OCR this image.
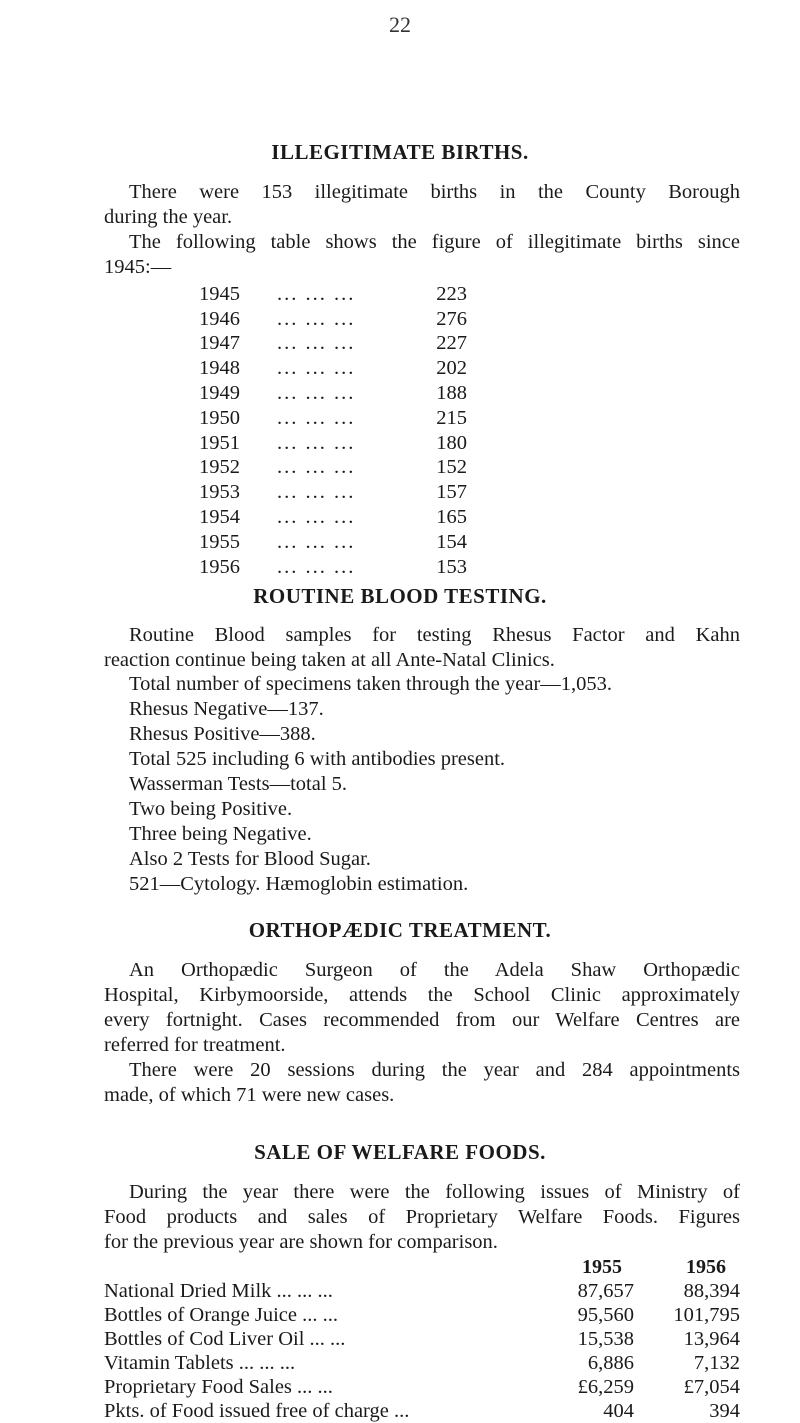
22
ILLEGITIMATE BIRTHS.
There were 153 illegitimate births in the County Borough
during the year.
The following table shows the figure of illegitimate births since
1945:—
1945	... ... ...	223
1946	... ... ...	276
1947	... ... ...	227
1948	... ... ...	202
1949	... ... ...	188
1950	... ... ...	215
1951	... ... ...	180
1952	... ... ...	152
1953	... ... ...	157
1954	... ... ...	165
1955	... ... ...	154
1956	... ... ...	153
ROUTINE BLOOD TESTING.
Routine Blood samples for testing Rhesus Factor and Kahn
reaction continue being taken at all Ante-Natal Clinics.
Total number of specimens taken through the year—1,053.
Rhesus Negative—137.
Rhesus Positive—388.
Total 525 including 6 with antibodies present.
Wasserman Tests—total 5.
Two being Positive.
Three being Negative.
Also 2 Tests for Blood Sugar.
521—Cytology. Hæmoglobin estimation.
ORTHOPÆDIC TREATMENT.
An Orthopædic Surgeon of the Adela Shaw Orthopædic
Hospital, Kirbymoorside, attends the School Clinic approximately
every fortnight. Cases recommended from our Welfare Centres are
referred for treatment.
There were 20 sessions during the year and 284 appointments
made, of which 71 were new cases.
SALE OF WELFARE FOODS.
During the year there were the following issues of Ministry of
Food products and sales of Proprietary Welfare Foods. Figures
for the previous year are shown for comparison.
1955	1956
National Dried Milk ... ... ...	87,657	88,394
Bottles of Orange Juice ... ...	95,560	101,795
Bottles of Cod Liver Oil ... ...	15,538	13,964
Vitamin Tablets ... ... ...	6,886	7,132
Proprietary Food Sales ... ...	£6,259	£7,054
Pkts. of Food issued free of charge ...	404	394
